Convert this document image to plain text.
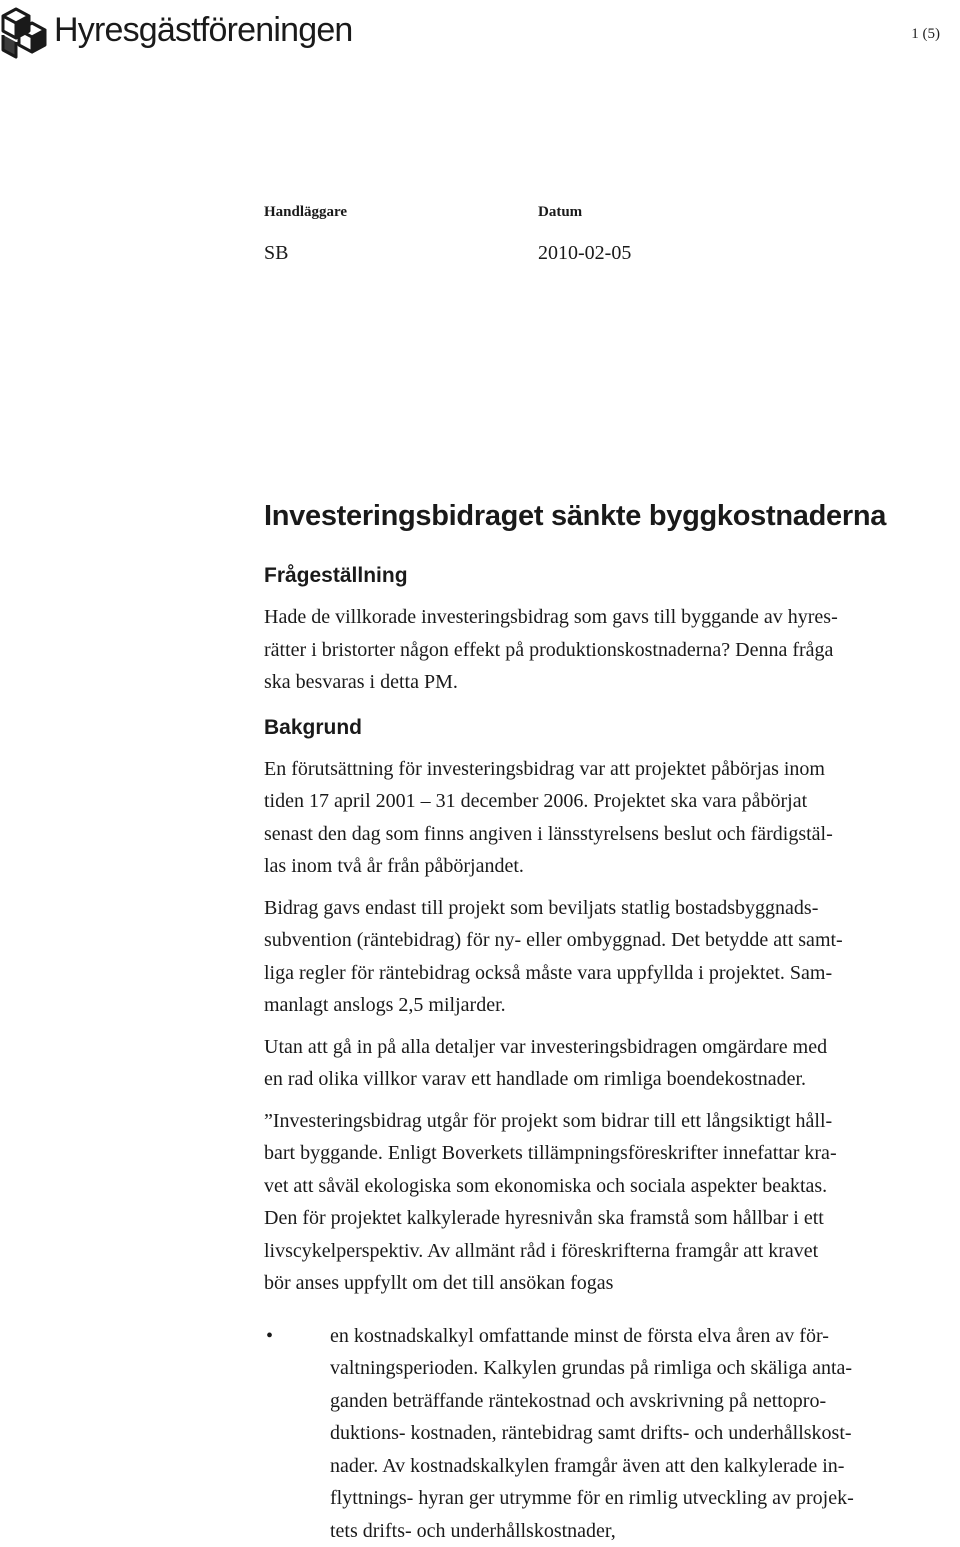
Hyresgästföreningen	1 (5)
Handläggare	Datum
SB	2010-02-05
Investeringsbidraget sänkte byggkostnaderna
Frågeställning

Hade de villkorade investeringsbidrag som gavs till byggande av hyres-
rätter i bristorter någon effekt på produktionskostnaderna? Denna fråga
ska besvaras i detta PM.

Bakgrund

En förutsättning för investeringsbidrag var att projektet påbörjas inom
tiden 17 april 2001 – 31 december 2006. Projektet ska vara påbörjat
senast den dag som finns angiven i länsstyrelsens beslut och färdigstäl-
las inom två år från påbörjandet.

Bidrag gavs endast till projekt som beviljats statlig bostadsbyggnads-
subvention (räntebidrag) för ny- eller ombyggnad. Det betydde att samt-
liga regler för räntebidrag också måste vara uppfyllda i projektet. Sam-
manlagt anslogs 2,5 miljarder.

Utan att gå in på alla detaljer var investeringsbidragen omgärdare med
en rad olika villkor varav ett handlade om rimliga boendekostnader.

”Investeringsbidrag utgår för projekt som bidrar till ett långsiktigt håll-
bart byggande. Enligt Boverkets tillämpningsföreskrifter innefattar kra-
vet att såväl ekologiska som ekonomiska och sociala aspekter beaktas.
Den för projektet kalkylerade hyresnivån ska framstå som hållbar i ett
livscykelperspektiv. Av allmänt råd i föreskrifterna framgår att kravet
bör anses uppfyllt om det till ansökan fogas

•	en kostnadskalkyl omfattande minst de första elva åren av för-
valtningsperioden. Kalkylen grundas på rimliga och skäliga anta-
ganden beträffande räntekostnad och avskrivning på nettopro-
duktions- kostnaden, räntebidrag samt drifts- och underhållskost-
nader. Av kostnadskalkylen framgår även att den kalkylerade in-
flyttnings- hyran ger utrymme för en rimlig utveckling av projek-
tets drifts- och underhållskostnader,
